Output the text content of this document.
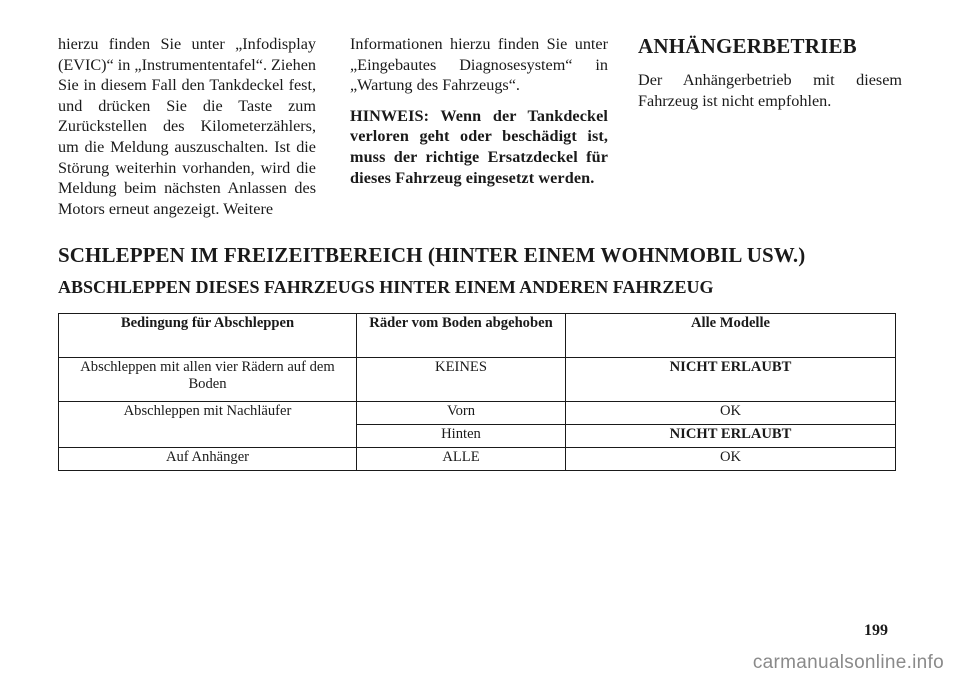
hierzu finden Sie unter „Infodisplay (EVIC)“ in „Instrumententafel“. Ziehen Sie in diesem Fall den Tankdeckel fest, und drücken Sie die Taste zum Zurückstellen des Kilometerzählers, um die Meldung auszuschalten. Ist die Störung weiterhin vorhanden, wird die Meldung beim nächsten Anlassen des Motors erneut angezeigt. Weitere

Informationen hierzu finden Sie unter „Eingebautes Diagnosesystem“ in „Wartung des Fahrzeugs“.

HINWEIS: Wenn der Tankdeckel verloren geht oder beschädigt ist, muss der richtige Ersatzdeckel für dieses Fahrzeug eingesetzt werden.

ANHÄNGERBETRIEB

Der Anhängerbetrieb mit diesem Fahrzeug ist nicht empfohlen.

SCHLEPPEN IM FREIZEITBEREICH (HINTER EINEM WOHNMOBIL USW.)
ABSCHLEPPEN DIESES FAHRZEUGS HINTER EINEM ANDEREN FAHRZEUG
Bedingung für Abschleppen	Räder vom Boden abgehoben	Alle Modelle
Abschleppen mit allen vier Rädern auf dem Boden	KEINES	NICHT ERLAUBT
Abschleppen mit Nachläufer	Vorn	OK
	Hinten	NICHT ERLAUBT
Auf Anhänger	ALLE	OK
199
carmanualsonline.info
